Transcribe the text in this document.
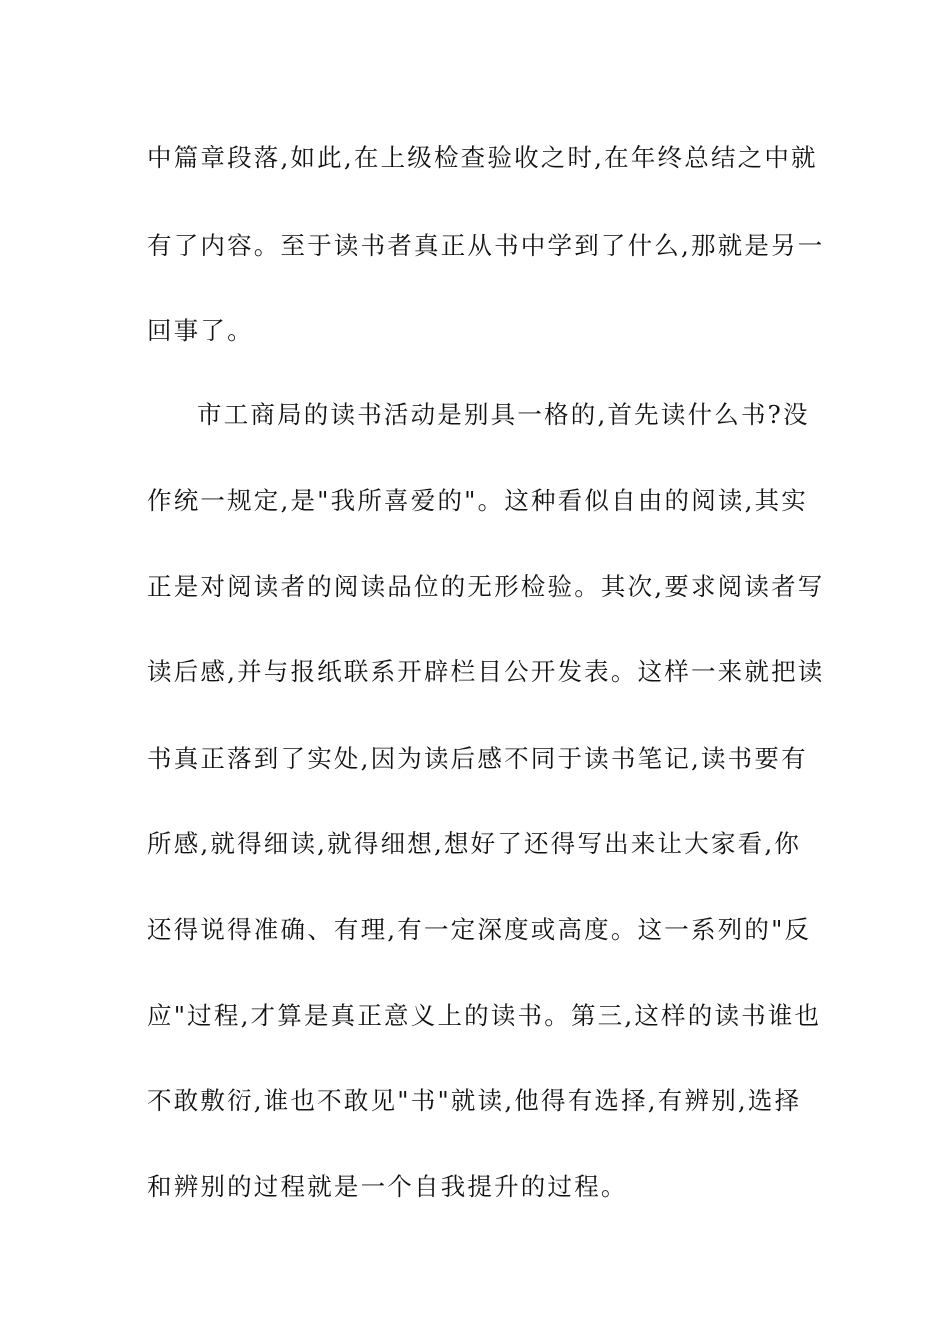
中篇章段落,如此,在上级检查验收之时,在年终总结之中就
有了内容。至于读书者真正从书中学到了什么,那就是另一
回事了。
市工商局的读书活动是别具一格的,首先读什么书?没
作统一规定,是"我所喜爱的"。这种看似自由的阅读,其实
正是对阅读者的阅读品位的无形检验。其次,要求阅读者写
读后感,并与报纸联系开辟栏目公开发表。这样一来就把读
书真正落到了实处,因为读后感不同于读书笔记,读书要有
所感,就得细读,就得细想,想好了还得写出来让大家看,你
还得说得准确、有理,有一定深度或高度。这一系列的"反
应"过程,才算是真正意义上的读书。第三,这样的读书谁也
不敢敷衍,谁也不敢见"书"就读,他得有选择,有辨别,选择
和辨别的过程就是一个自我提升的过程。
